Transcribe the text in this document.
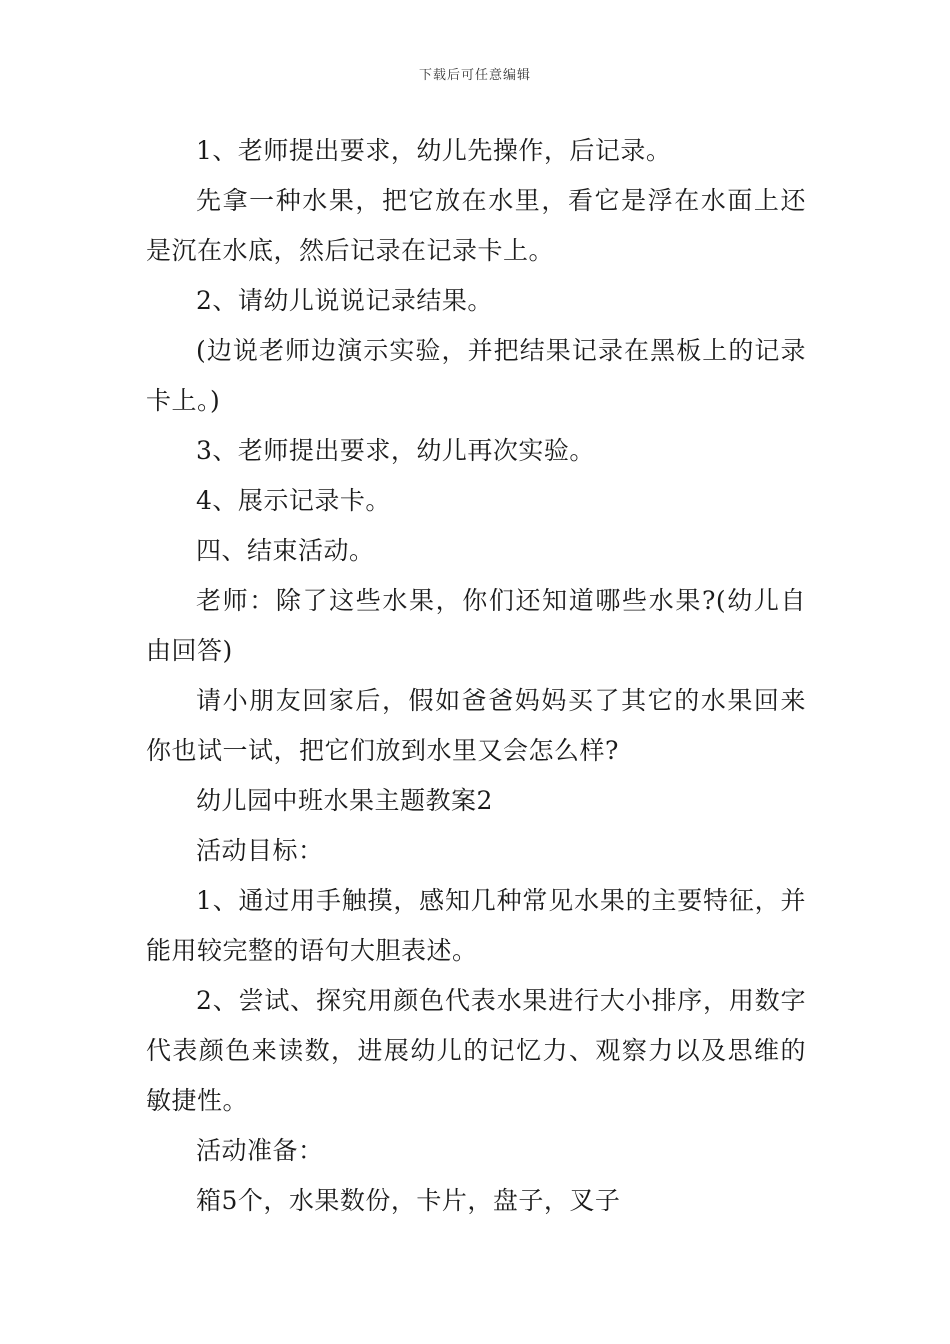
下载后可任意编辑

1、老师提出要求，幼儿先操作，后记录。

先拿一种水果，把它放在水里，看它是浮在水面上还是沉在水底，然后记录在记录卡上。

2、请幼儿说说记录结果。

(边说老师边演示实验，并把结果记录在黑板上的记录卡上。)

3、老师提出要求，幼儿再次实验。

4、展示记录卡。

四、结束活动。

老师：除了这些水果，你们还知道哪些水果?(幼儿自由回答)

请小朋友回家后，假如爸爸妈妈买了其它的水果回来你也试一试，把它们放到水里又会怎么样?

幼儿园中班水果主题教案2

活动目标：

1、通过用手触摸，感知几种常见水果的主要特征，并能用较完整的语句大胆表述。

2、尝试、探究用颜色代表水果进行大小排序，用数字代表颜色来读数，进展幼儿的记忆力、观察力以及思维的敏捷性。

活动准备：

箱5个，水果数份，卡片，盘子，叉子
